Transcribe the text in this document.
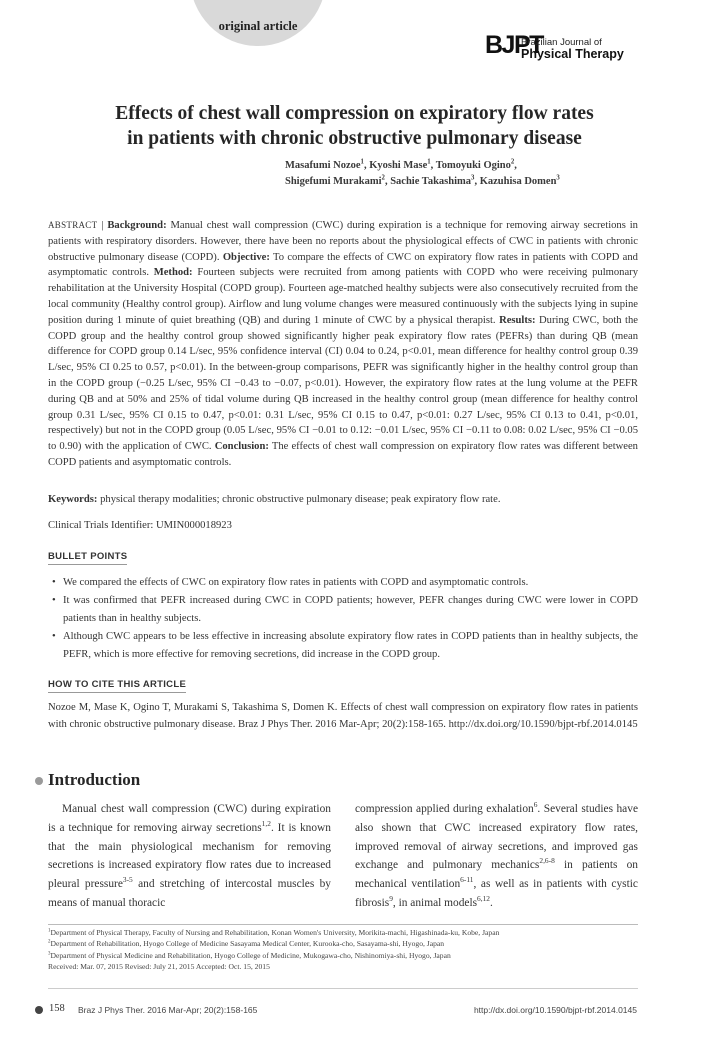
original article
BJPT
Brazilian Journal of
Physical Therapy
Effects of chest wall compression on expiratory flow rates
in patients with chronic obstructive pulmonary disease
Masafumi Nozoe$^1$, Kyoshi Mase$^1$, Tomoyuki Ogino$^2$,
Shigefumi Murakami$^2$, Sachie Takashima$^3$, Kazuhisa Domen$^3$

ABSTRACT | Background: Manual chest wall compression (CWC) during expiration is a technique for removing airway secretions in patients with respiratory disorders. However, there have been no reports about the physiological effects of CWC in patients with chronic obstructive pulmonary disease (COPD). Objective: To compare the effects of CWC on expiratory flow rates in patients with COPD and asymptomatic controls. Method: Fourteen subjects were recruited from among patients with COPD who were receiving pulmonary rehabilitation at the University Hospital (COPD group). Fourteen age-matched healthy subjects were also consecutively recruited from the local community (Healthy control group). Airflow and lung volume changes were measured continuously with the subjects lying in supine position during 1 minute of quiet breathing (QB) and during 1 minute of CWC by a physical therapist. Results: During CWC, both the COPD group and the healthy control group showed significantly higher peak expiratory flow rates (PEFRs) than during QB (mean difference for COPD group 0.14 L/sec, 95% confidence interval (CI) 0.04 to 0.24, p<0.01, mean difference for healthy control group 0.39 L/sec, 95% CI 0.25 to 0.57, p<0.01). In the between-group comparisons, PEFR was significantly higher in the healthy control group than in the COPD group (−0.25 L/sec, 95% CI −0.43 to −0.07, p<0.01). However, the expiratory flow rates at the lung volume at the PEFR during QB and at 50% and 25% of tidal volume during QB increased in the healthy control group (mean difference for healthy control group 0.31 L/sec, 95% CI 0.15 to 0.47, p<0.01: 0.31 L/sec, 95% CI 0.15 to 0.47, p<0.01: 0.27 L/sec, 95% CI 0.13 to 0.41, p<0.01, respectively) but not in the COPD group (0.05 L/sec, 95% CI −0.01 to 0.12: −0.01 L/sec, 95% CI −0.11 to 0.08: 0.02 L/sec, 95% CI −0.05 to 0.90) with the application of CWC. Conclusion: The effects of chest wall compression on expiratory flow rates was different between COPD patients and asymptomatic controls.

Keywords: physical therapy modalities; chronic obstructive pulmonary disease; peak expiratory flow rate.

Clinical Trials Identifier: UMIN000018923

BULLET POINTS
• We compared the effects of CWC on expiratory flow rates in patients with COPD and asymptomatic controls.
• It was confirmed that PEFR increased during CWC in COPD patients; however, PEFR changes during CWC were lower in COPD patients than in healthy subjects.
• Although CWC appears to be less effective in increasing absolute expiratory flow rates in COPD patients than in healthy subjects, the PEFR, which is more effective for removing secretions, did increase in the COPD group.
HOW TO CITE THIS ARTICLE

Nozoe M, Mase K, Ogino T, Murakami S, Takashima S, Domen K. Effects of chest wall compression on expiratory flow rates in patients with chronic obstructive pulmonary disease. Braz J Phys Ther. 2016 Mar-Apr; 20(2):158-165. http://dx.doi.org/10.1590/bjpt-rbf.2014.0145

Introduction

Manual chest wall compression (CWC) during expiration is a technique for removing airway secretions$^{1,2}$. It is known that the main physiological mechanism for removing secretions is increased expiratory flow rates due to increased pleural pressure$^{3-5}$ and stretching of intercostal muscles by means of manual thoracic

compression applied during exhalation$^6$. Several studies have also shown that CWC increased expiratory flow rates, improved removal of airway secretions, and improved gas exchange and pulmonary mechanics$^{2,6-8}$ in patients on mechanical ventilation$^{6-11}$, as well as in patients with cystic fibrosis$^9$, in animal models$^{6,12}$.

$^1$Department of Physical Therapy, Faculty of Nursing and Rehabilitation, Konan Women's University, Morikita-machi, Higashinada-ku, Kobe, Japan
$^2$Department of Rehabilitation, Hyogo College of Medicine Sasayama Medical Center, Kurooka-cho, Sasayama-shi, Hyogo, Japan
$^3$Department of Physical Medicine and Rehabilitation, Hyogo College of Medicine, Mukogawa-cho, Nishinomiya-shi, Hyogo, Japan
Received: Mar. 07, 2015 Revised: July 21, 2015 Accepted: Oct. 15, 2015
158 Braz J Phys Ther. 2016 Mar-Apr; 20(2):158-165	http://dx.doi.org/10.1590/bjpt-rbf.2014.0145
